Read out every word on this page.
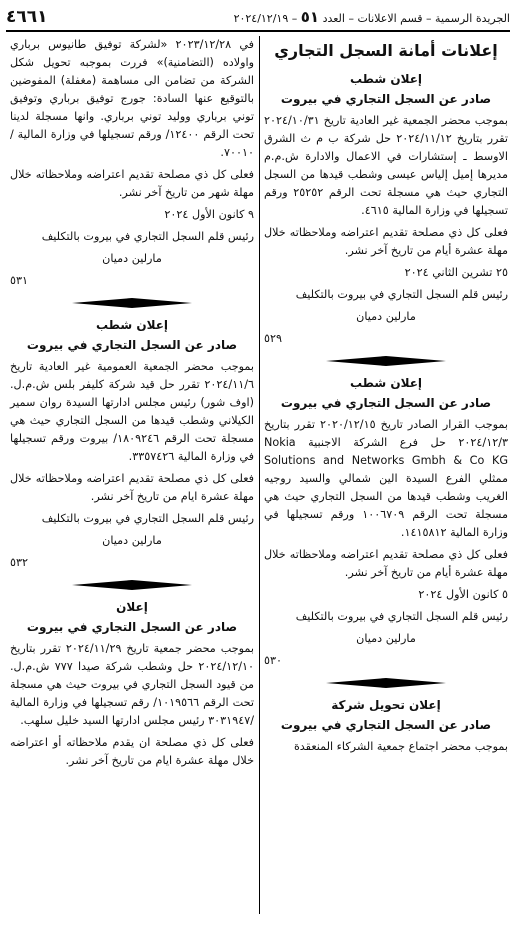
الجريدة الرسمية – قسم الاعلانات – العدد ٥١ – ٢٠٢٤/١٢/١٩
٤٦٦١
إعلانات أمانة السجل التجاري
إعلان شطب
صادر عن السجل التجاري في بيروت

بموجب محضر الجمعية غير العادية تاريخ ٢٠٢٤/١٠/٣١ تقرر بتاريخ ٢٠٢٤/١١/١٢ حل شركة ب م ث الشرق الاوسط ـ إستشارات في الاعمال والادارة ش.م.م مديرها إميل إلياس عيسى وشطب قيدها من السجل التجاري حيث هي مسجلة تحت الرقم ٢٥٢٥٢ ورقم تسجيلها في وزارة المالية ٤٦١٥.

فعلى كل ذي مصلحة تقديم اعتراضه وملاحظاته خلال مهلة عشرة أيام من تاريخ آخر نشر.

٢٥ تشرين الثاني ٢٠٢٤
رئيس قلم السجل التجاري في بيروت بالتكليف
مارلين دميان
٥٢٩
إعلان شطب
صادر عن السجل التجاري في بيروت

بموجب القرار الصادر تاريخ ٢٠٢٠/١٢/١٥ تقرر بتاريخ ٢٠٢٤/١٢/٣ حل فرع الشركة الاجنبية Nokia Solutions and Networks Gmbh & Co KG ممثلي الفرع السيدة الين شمالي والسيد روجيه الغريب وشطب قيدها من السجل التجاري حيث هي مسجلة تحت الرقم ١٠٠٦٧٠٩ ورقم تسجيلها في وزارة المالية ١٤١٥٨١٢.

فعلى كل ذي مصلحة تقديم اعتراضه وملاحظاته خلال مهلة عشرة أيام من تاريخ آخر نشر.

٥ كانون الأول ٢٠٢٤
رئيس قلم السجل التجاري في بيروت بالتكليف
مارلين دميان
٥٣٠
إعلان تحويل شركة
صادر عن السجل التجاري في بيروت

بموجب محضر اجتماع جمعية الشركاء المنعقدة

في ٢٠٢٣/١٢/٢٨ «لشركة توفيق طانيوس برباري واولاده (التضامنية)» فررت بموجبه تحويل شكل الشركة من تضامن الى مساهمة (مغفلة) المفوضين بالتوقيع عنها السادة: جورج توفيق برباري وتوفيق توني برباري ووليد توني برباري. وانها مسجلة لدينا تحت الرقم ١٢٤٠٠/ ورقم تسجيلها في وزارة المالية /٧٠٠١٠.

فعلى كل ذي مصلحة تقديم اعتراضه وملاحظاته خلال مهلة شهر من تاريخ آخر نشر.

٩ كانون الأول ٢٠٢٤
رئيس قلم السجل التجاري في بيروت بالتكليف
مارلين دميان
٥٣١
إعلان شطب
صادر عن السجل التجاري في بيروت

بموجب محضر الجمعية العمومية غير العادية تاريخ ٢٠٢٤/١١/٦ تقرر حل قيد شركة كليفر بلس ش.م.ل. (اوف شور) رئيس مجلس ادارتها السيدة روان سمير الكيلاني وشطب قيدها من السجل التجاري حيث هي مسجلة تحت الرقم ١٨٠٩٢٤٦/ بيروت ورقم تسجيلها في وزارة المالية ٣٣٥٧٤٢٦.

فعلى كل ذي مصلحة تقديم اعتراضه وملاحظاته خلال مهلة عشرة ايام من تاريخ آخر نشر.

رئيس قلم السجل التجاري في بيروت بالتكليف
مارلين دميان
٥٣٢
إعلان
صادر عن السجل التجاري في بيروت

بموجب محضر جمعية تاريخ ٢٠٢٤/١١/٢٩ تقرر بتاريخ ٢٠٢٤/١٢/١٠ حل وشطب شركة صيدا ٧٧٧ ش.م.ل. من قيود السجل التجاري في بيروت حيث هي مسجلة تحت الرقم ١٠١٩٥٦٦/ رقم تسجيلها في وزارة المالية /٣٠٣١٩٤٧ رئيس مجلس ادارتها السيد خليل سلهب.

فعلى كل ذي مصلحة ان يقدم ملاحظاته أو اعتراضه خلال مهلة عشرة ايام من تاريخ آخر نشر.
